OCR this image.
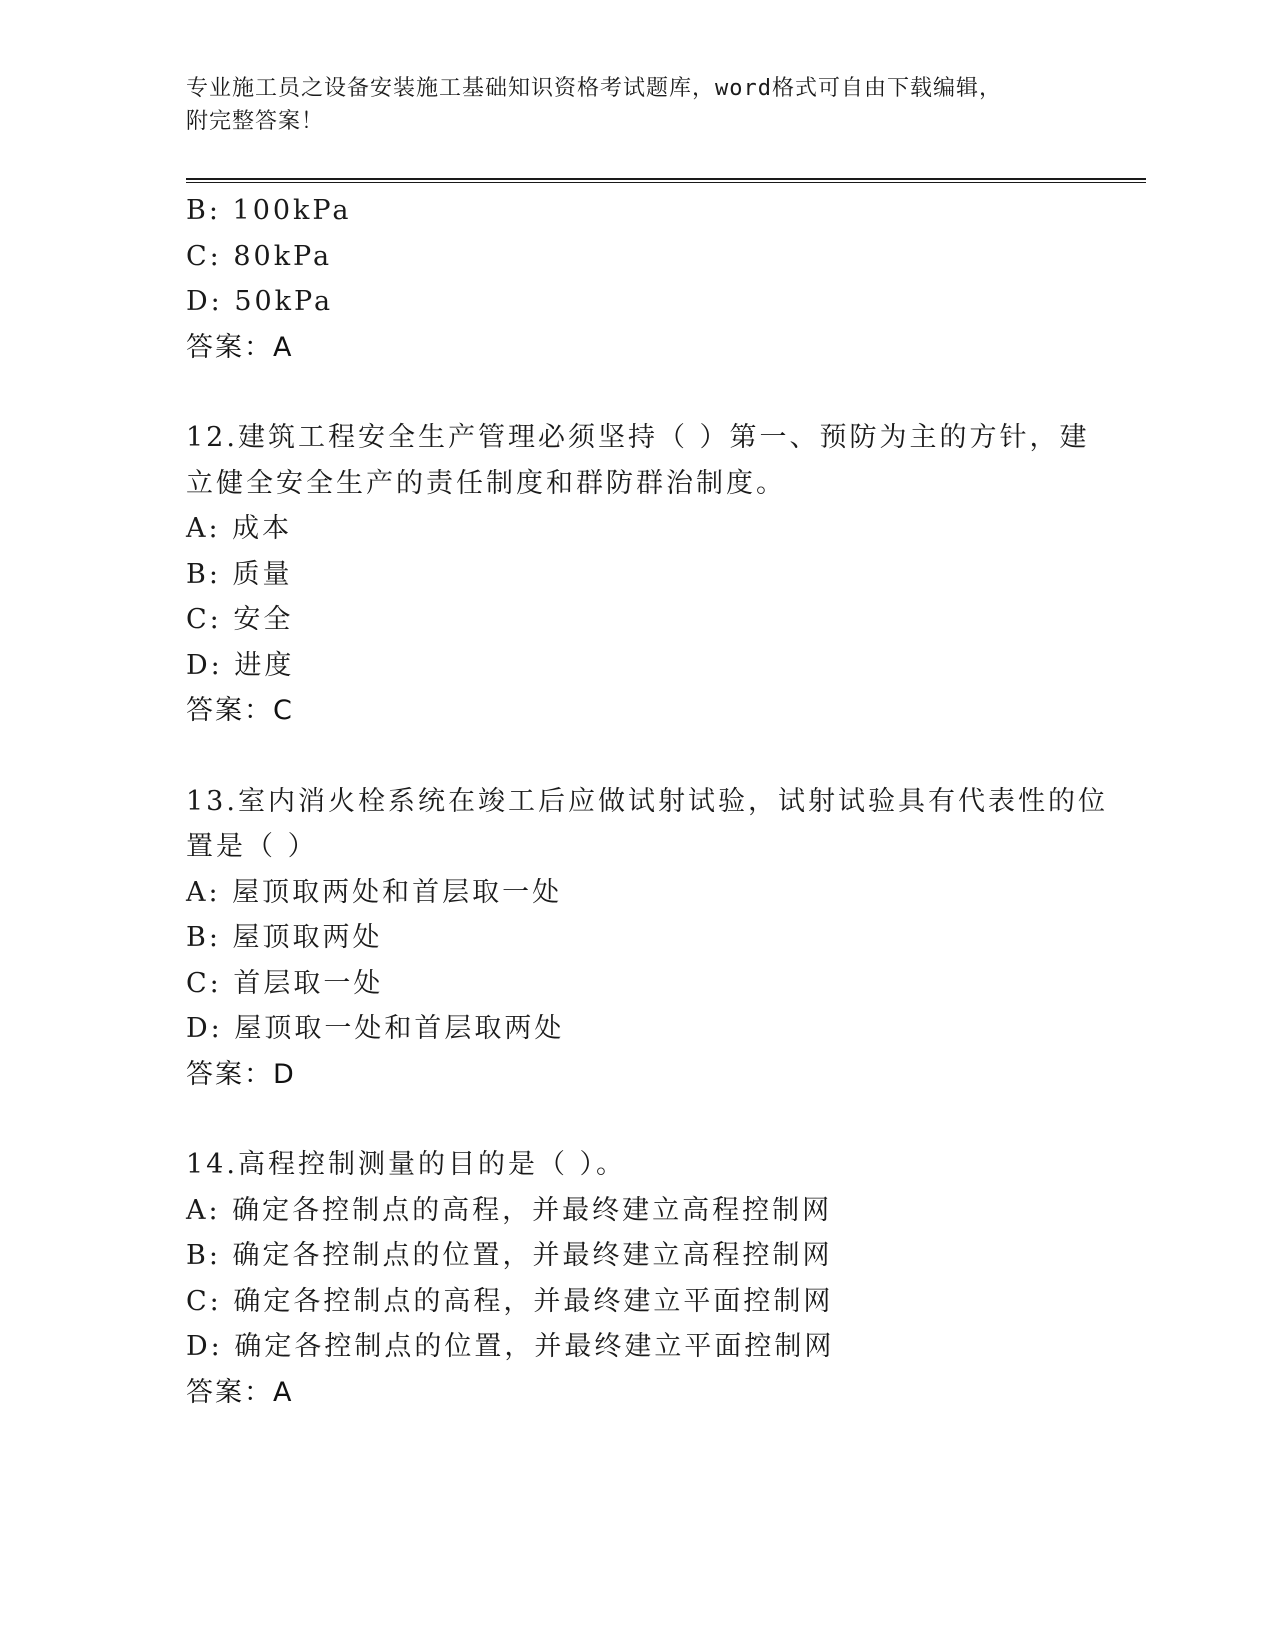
专业施工员之设备安装施工基础知识资格考试题库，word格式可自由下载编辑，
附完整答案！
B: 100kPa
C: 80kPa
D: 50kPa
答案：A
12.建筑工程安全生产管理必须坚持（ ）第一、预防为主的方针，建
立健全安全生产的责任制度和群防群治制度。
A: 成本
B: 质量
C: 安全
D: 进度
答案：C
13.室内消火栓系统在竣工后应做试射试验，试射试验具有代表性的位
置是（ ）
A: 屋顶取两处和首层取一处
B: 屋顶取两处
C: 首层取一处
D: 屋顶取一处和首层取两处
答案：D
14.高程控制测量的目的是（ ）。
A: 确定各控制点的高程，并最终建立高程控制网
B: 确定各控制点的位置，并最终建立高程控制网
C: 确定各控制点的高程，并最终建立平面控制网
D: 确定各控制点的位置，并最终建立平面控制网
答案：A
